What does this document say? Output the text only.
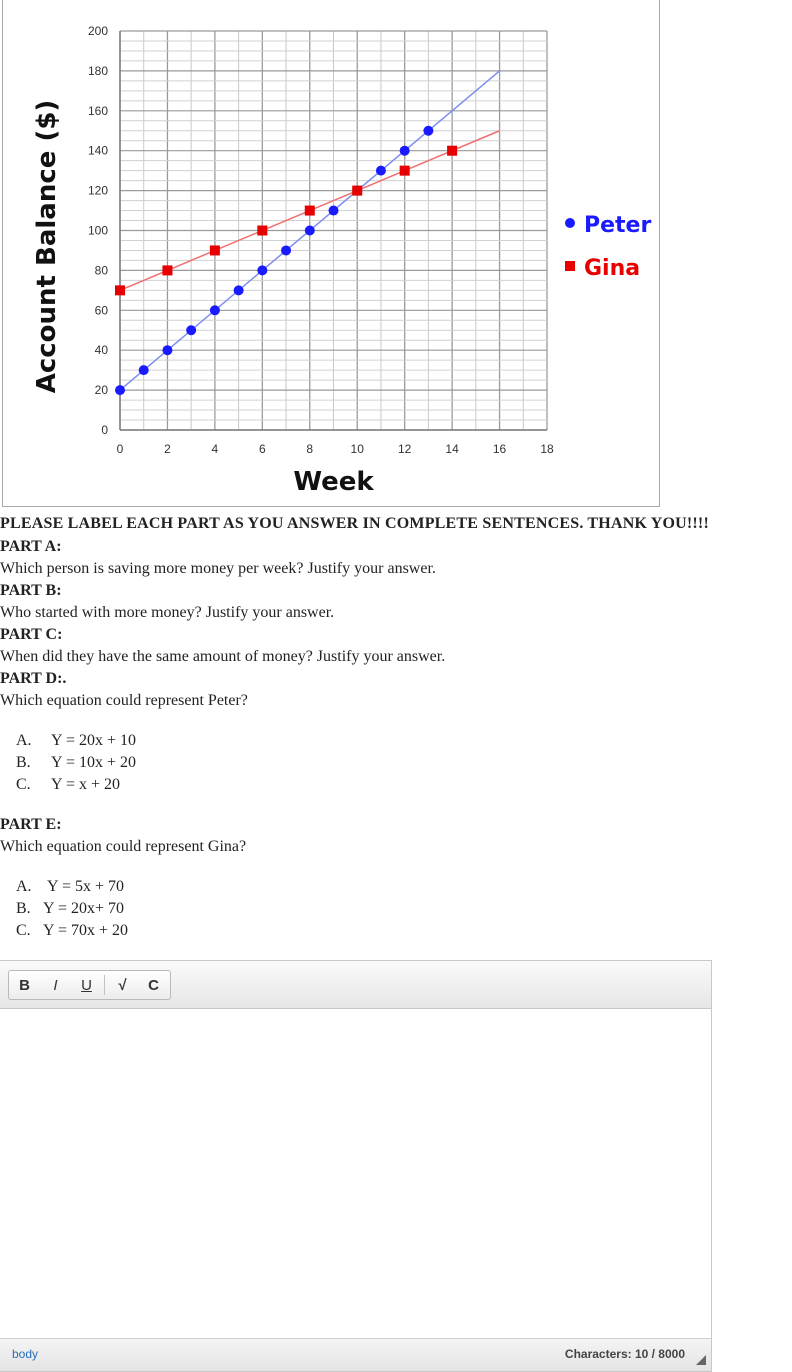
0	2	4	6	8	10	12	14	16	18
0
20
40
60
80
100
120
140
160
180
200
Week
Account Balance ($)	Peter
Gina
PLEASE LABEL EACH PART AS YOU ANSWER IN COMPLETE SENTENCES. THANK YOU!!!!
PART A:
Which person is saving more money per week? Justify your answer.
PART B:
Who started with more money? Justify your answer.
PART C:
When did they have the same amount of money? Justify your answer.
PART D:.
Which equation could represent Peter?
A. Y = 20x + 10
B. Y = 10x + 20
C. Y = x + 20
PART E:
Which equation could represent Gina?
A. Y = 5x + 70
B. Y = 20x+ 70
C. Y = 70x + 20
B	I	U	√	C
body	Characters: 10 / 8000
